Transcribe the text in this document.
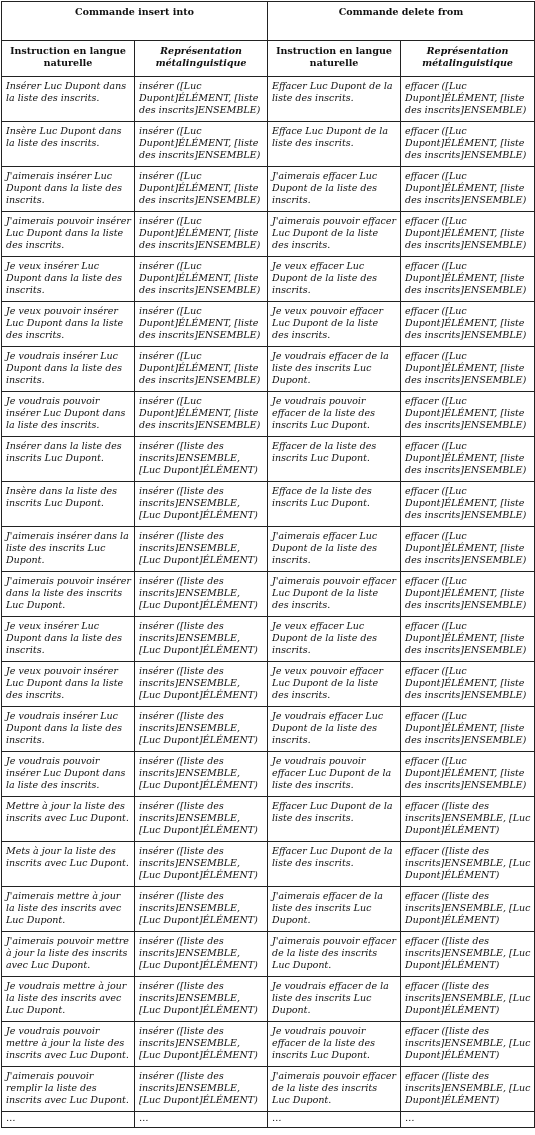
Commande insert into		Commande delete from	
Instruction en langue naturelle	Représentation métalinguistique	Instruction en langue naturelle	Représentation métalinguistique
Insérer Luc Dupont dans la liste des inscrits.	insérer ([Luc Dupont]ÉLÉMENT, [liste des inscrits]ENSEMBLE)	Effacer Luc Dupont de la liste des inscrits.	effacer ([Luc Dupont]ÉLÉMENT, [liste des inscrits]ENSEMBLE)
Insère Luc Dupont dans la liste des inscrits.	insérer ([Luc Dupont]ÉLÉMENT, [liste des inscrits]ENSEMBLE)	Efface Luc Dupont de la liste des inscrits.	effacer ([Luc Dupont]ÉLÉMENT, [liste des inscrits]ENSEMBLE)
J'aimerais insérer Luc Dupont dans la liste des inscrits.	insérer ([Luc Dupont]ÉLÉMENT, [liste des inscrits]ENSEMBLE)	J'aimerais effacer Luc Dupont de la liste des inscrits.	effacer ([Luc Dupont]ÉLÉMENT, [liste des inscrits]ENSEMBLE)
J'aimerais pouvoir insérer Luc Dupont dans la liste des inscrits.	insérer ([Luc Dupont]ÉLÉMENT, [liste des inscrits]ENSEMBLE)	J'aimerais pouvoir effacer Luc Dupont de la liste des inscrits.	effacer ([Luc Dupont]ÉLÉMENT, [liste des inscrits]ENSEMBLE)
Je veux insérer Luc Dupont dans la liste des inscrits.	insérer ([Luc Dupont]ÉLÉMENT, [liste des inscrits]ENSEMBLE)	Je veux effacer Luc Dupont de la liste des inscrits.	effacer ([Luc Dupont]ÉLÉMENT, [liste des inscrits]ENSEMBLE)
Je veux pouvoir insérer Luc Dupont dans la liste des inscrits.	insérer ([Luc Dupont]ÉLÉMENT, [liste des inscrits]ENSEMBLE)	Je veux pouvoir effacer Luc Dupont de la liste des inscrits.	effacer ([Luc Dupont]ÉLÉMENT, [liste des inscrits]ENSEMBLE)
Je voudrais insérer Luc Dupont dans la liste des inscrits.	insérer ([Luc Dupont]ÉLÉMENT, [liste des inscrits]ENSEMBLE)	Je voudrais effacer de la liste des inscrits Luc Dupont.	effacer ([Luc Dupont]ÉLÉMENT, [liste des inscrits]ENSEMBLE)
Je voudrais pouvoir insérer Luc Dupont dans la liste des inscrits.	insérer ([Luc Dupont]ÉLÉMENT, [liste des inscrits]ENSEMBLE)	Je voudrais pouvoir effacer de la liste des inscrits Luc Dupont.	effacer ([Luc Dupont]ÉLÉMENT, [liste des inscrits]ENSEMBLE)
Insérer dans la liste des inscrits Luc Dupont.	insérer ([liste des inscrits]ENSEMBLE, [Luc Dupont]ÉLÉMENT)	Effacer de la liste des inscrits Luc Dupont.	effacer ([Luc Dupont]ÉLÉMENT, [liste des inscrits]ENSEMBLE)
Insère dans la liste des inscrits Luc Dupont.	insérer ([liste des inscrits]ENSEMBLE, [Luc Dupont]ÉLÉMENT)	Efface de la liste des inscrits Luc Dupont.	effacer ([Luc Dupont]ÉLÉMENT, [liste des inscrits]ENSEMBLE)
J'aimerais insérer dans la liste des inscrits Luc Dupont.	insérer ([liste des inscrits]ENSEMBLE, [Luc Dupont]ÉLÉMENT)	J'aimerais effacer Luc Dupont de la liste des inscrits.	effacer ([Luc Dupont]ÉLÉMENT, [liste des inscrits]ENSEMBLE)
J'aimerais pouvoir insérer dans la liste des inscrits Luc Dupont.	insérer ([liste des inscrits]ENSEMBLE, [Luc Dupont]ÉLÉMENT)	J'aimerais pouvoir effacer Luc Dupont de la liste des inscrits.	effacer ([Luc Dupont]ÉLÉMENT, [liste des inscrits]ENSEMBLE)
Je veux insérer Luc Dupont dans la liste des inscrits.	insérer ([liste des inscrits]ENSEMBLE, [Luc Dupont]ÉLÉMENT)	Je veux effacer Luc Dupont de la liste des inscrits.	effacer ([Luc Dupont]ÉLÉMENT, [liste des inscrits]ENSEMBLE)
Je veux pouvoir insérer Luc Dupont dans la liste des inscrits.	insérer ([liste des inscrits]ENSEMBLE, [Luc Dupont]ÉLÉMENT)	Je veux pouvoir effacer Luc Dupont de la liste des inscrits.	effacer ([Luc Dupont]ÉLÉMENT, [liste des inscrits]ENSEMBLE)
Je voudrais insérer Luc Dupont dans la liste des inscrits.	insérer ([liste des inscrits]ENSEMBLE, [Luc Dupont]ÉLÉMENT)	Je voudrais effacer Luc Dupont de la liste des inscrits.	effacer ([Luc Dupont]ÉLÉMENT, [liste des inscrits]ENSEMBLE)
Je voudrais pouvoir insérer Luc Dupont dans la liste des inscrits.	insérer ([liste des inscrits]ENSEMBLE, [Luc Dupont]ÉLÉMENT)	Je voudrais pouvoir effacer Luc Dupont de la liste des inscrits.	effacer ([Luc Dupont]ÉLÉMENT, [liste des inscrits]ENSEMBLE)
Mettre à jour la liste des inscrits avec Luc Dupont.	insérer ([liste des inscrits]ENSEMBLE, [Luc Dupont]ÉLÉMENT)	Effacer Luc Dupont de la liste des inscrits.	effacer ([liste des inscrits]ENSEMBLE, [Luc Dupont]ÉLÉMENT)
Mets à jour la liste des inscrits avec Luc Dupont.	insérer ([liste des inscrits]ENSEMBLE, [Luc Dupont]ÉLÉMENT)	Effacer Luc Dupont de la liste des inscrits.	effacer ([liste des inscrits]ENSEMBLE, [Luc Dupont]ÉLÉMENT)
J'aimerais mettre à jour la liste des inscrits avec Luc Dupont.	insérer ([liste des inscrits]ENSEMBLE, [Luc Dupont]ÉLÉMENT)	J'aimerais effacer de la liste des inscrits Luc Dupont.	effacer ([liste des inscrits]ENSEMBLE, [Luc Dupont]ÉLÉMENT)
J'aimerais pouvoir mettre à jour la liste des inscrits avec Luc Dupont.	insérer ([liste des inscrits]ENSEMBLE, [Luc Dupont]ÉLÉMENT)	J'aimerais pouvoir effacer de la liste des inscrits Luc Dupont.	effacer ([liste des inscrits]ENSEMBLE, [Luc Dupont]ÉLÉMENT)
Je voudrais mettre à jour la liste des inscrits avec Luc Dupont.	insérer ([liste des inscrits]ENSEMBLE, [Luc Dupont]ÉLÉMENT)	Je voudrais effacer de la liste des inscrits Luc Dupont.	effacer ([liste des inscrits]ENSEMBLE, [Luc Dupont]ÉLÉMENT)
Je voudrais pouvoir mettre à jour la liste des inscrits avec Luc Dupont.	insérer ([liste des inscrits]ENSEMBLE, [Luc Dupont]ÉLÉMENT)	Je voudrais pouvoir effacer de la liste des inscrits Luc Dupont.	effacer ([liste des inscrits]ENSEMBLE, [Luc Dupont]ÉLÉMENT)
J'aimerais pouvoir remplir la liste des inscrits avec Luc Dupont.	insérer ([liste des inscrits]ENSEMBLE, [Luc Dupont]ÉLÉMENT)	J'aimerais pouvoir effacer de la liste des inscrits Luc Dupont.	effacer ([liste des inscrits]ENSEMBLE, [Luc Dupont]ÉLÉMENT)
…	…	…	…
